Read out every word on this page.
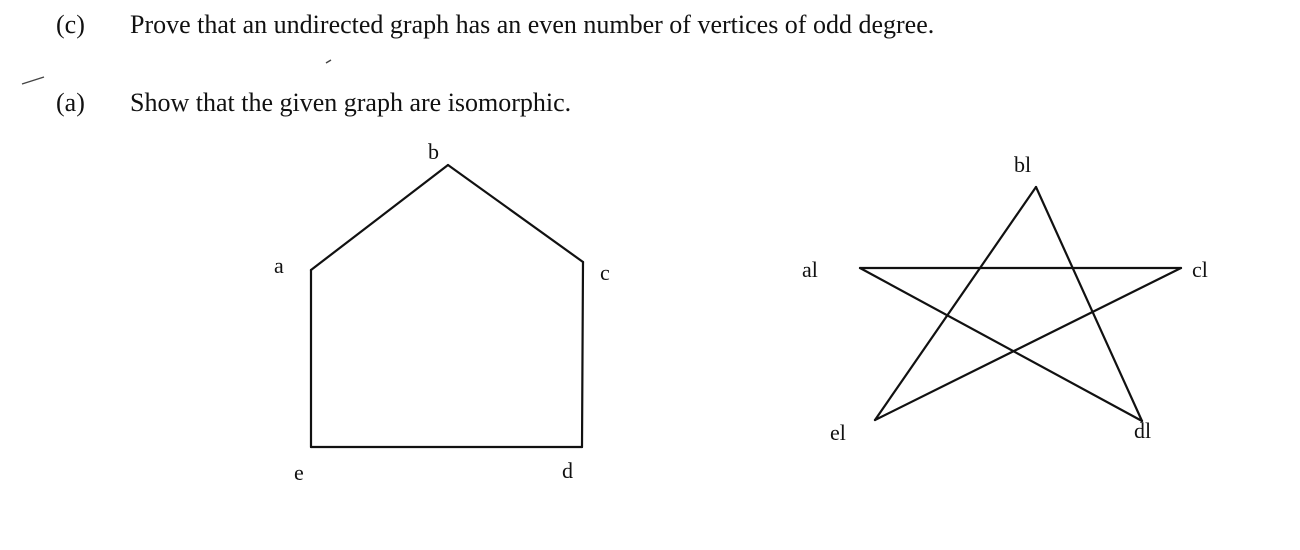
(c) Prove that an undirected graph has an even number of vertices of odd degree.
(a) Show that the given graph are isomorphic.
a
b
c
d
e
al
bl
cl
dl
el
